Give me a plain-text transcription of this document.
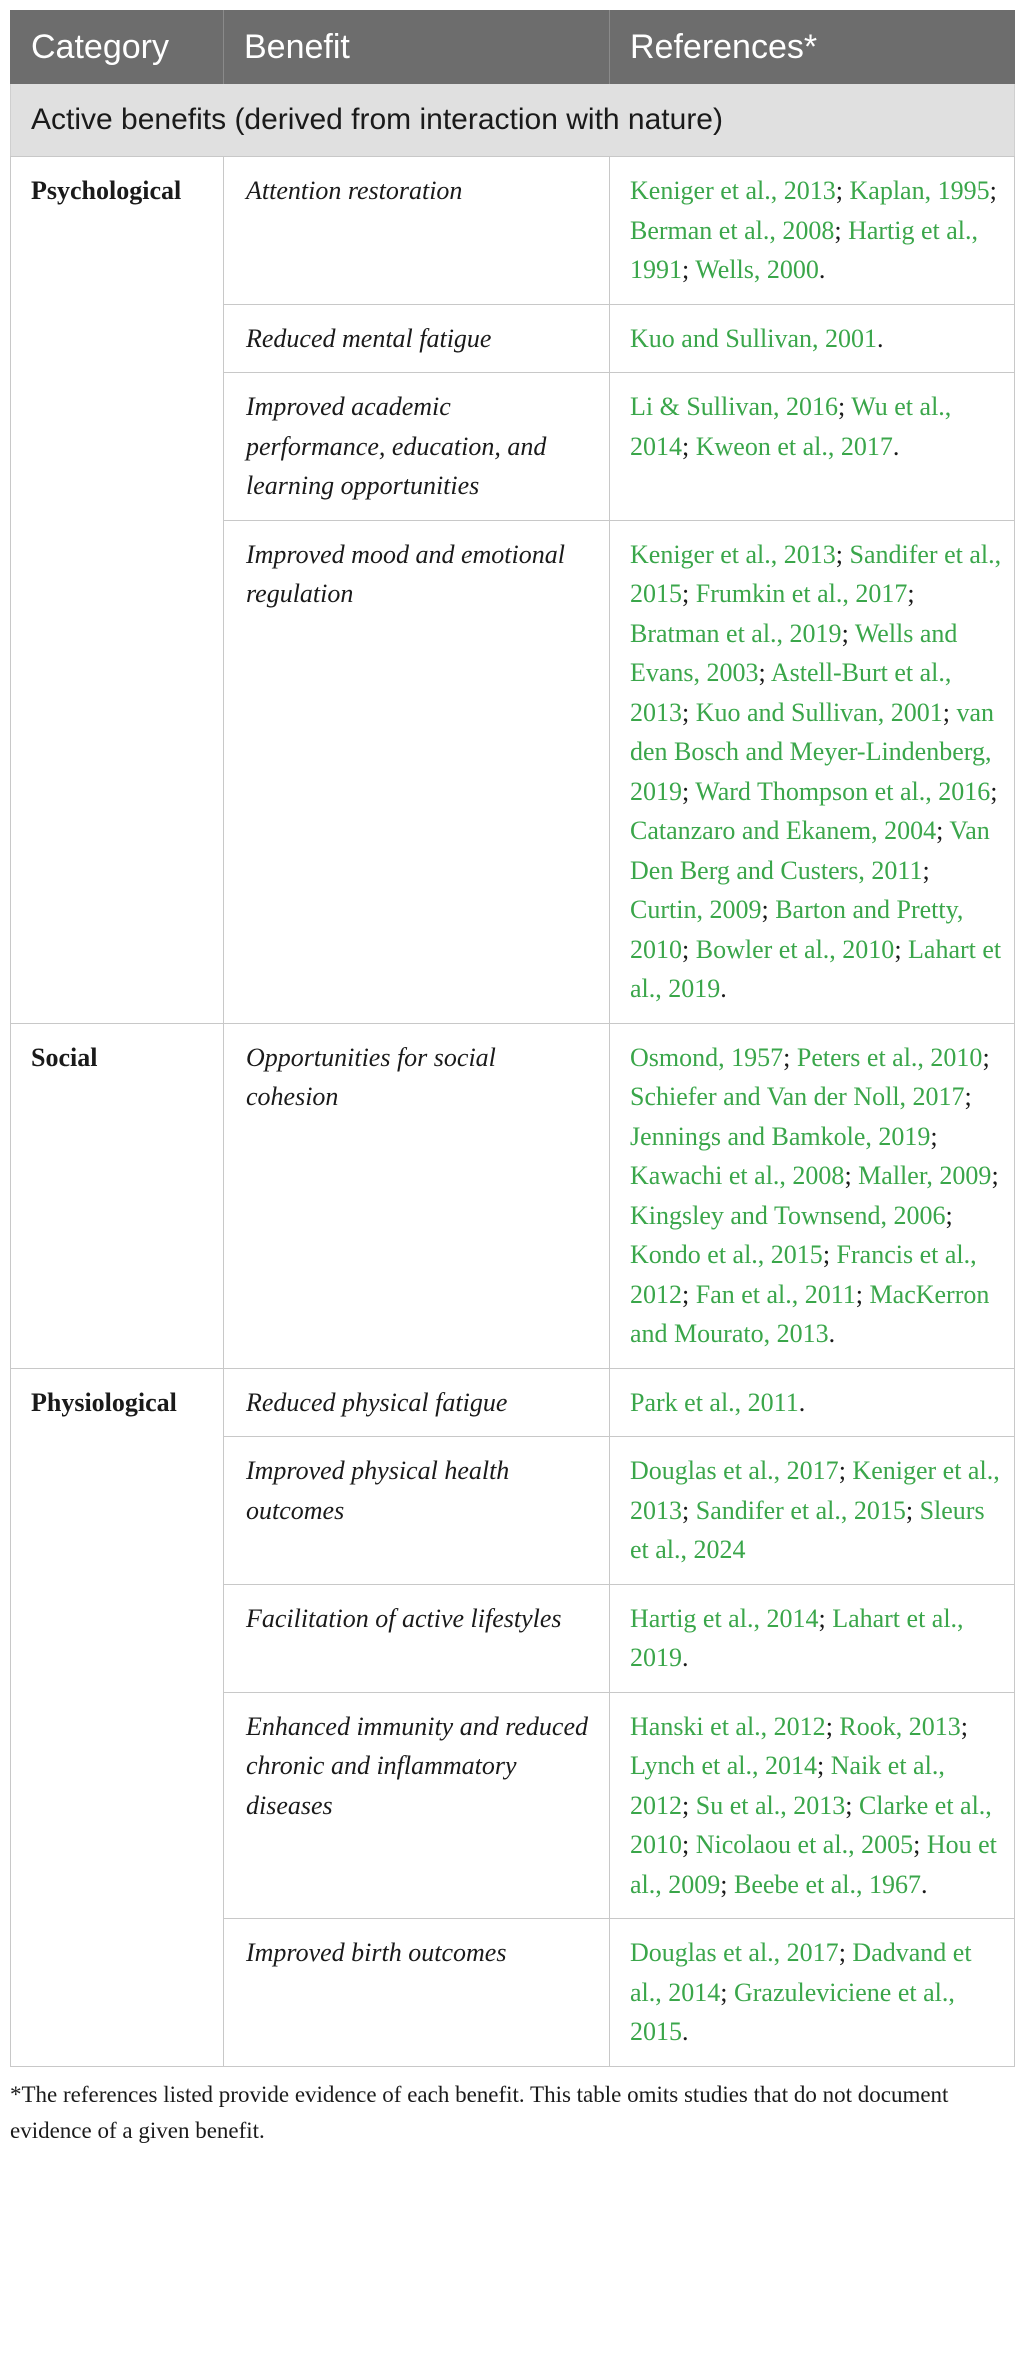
Category	Benefit	References*
Active benefits (derived from interaction with nature)		
Psychological	Attention restoration	Keniger et al., 2013; Kaplan, 1995; Berman et al., 2008; Hartig et al., 1991; Wells, 2000.
	Reduced mental fatigue	Kuo and Sullivan, 2001.
	Improved academic performance, education, and learning opportunities	Li & Sullivan, 2016; Wu et al., 2014; Kweon et al., 2017.
	Improved mood and emotional regulation	Keniger et al., 2013; Sandifer et al., 2015; Frumkin et al., 2017; Bratman et al., 2019; Wells and Evans, 2003; Astell-Burt et al., 2013; Kuo and Sullivan, 2001; van den Bosch and Meyer-Lindenberg, 2019; Ward Thompson et al., 2016; Catanzaro and Ekanem, 2004; Van Den Berg and Custers, 2011; Curtin, 2009; Barton and Pretty, 2010; Bowler et al., 2010; Lahart et al., 2019.
Social	Opportunities for social cohesion	Osmond, 1957; Peters et al., 2010; Schiefer and Van der Noll, 2017; Jennings and Bamkole, 2019; Kawachi et al., 2008; Maller, 2009; Kingsley and Townsend, 2006; Kondo et al., 2015; Francis et al., 2012; Fan et al., 2011; MacKerron and Mourato, 2013.
Physiological	Reduced physical fatigue	Park et al., 2011.
	Improved physical health outcomes	Douglas et al., 2017; Keniger et al., 2013; Sandifer et al., 2015; Sleurs et al., 2024
	Facilitation of active lifestyles	Hartig et al., 2014; Lahart et al., 2019.
	Enhanced immunity and reduced chronic and inflammatory diseases	Hanski et al., 2012; Rook, 2013; Lynch et al., 2014; Naik et al., 2012; Su et al., 2013; Clarke et al., 2010; Nicolaou et al., 2005; Hou et al., 2009; Beebe et al., 1967.
	Improved birth outcomes	Douglas et al., 2017; Dadvand et al., 2014; Grazuleviciene et al., 2015.
*The references listed provide evidence of each benefit. This table omits studies that do not document evidence of a given benefit.
